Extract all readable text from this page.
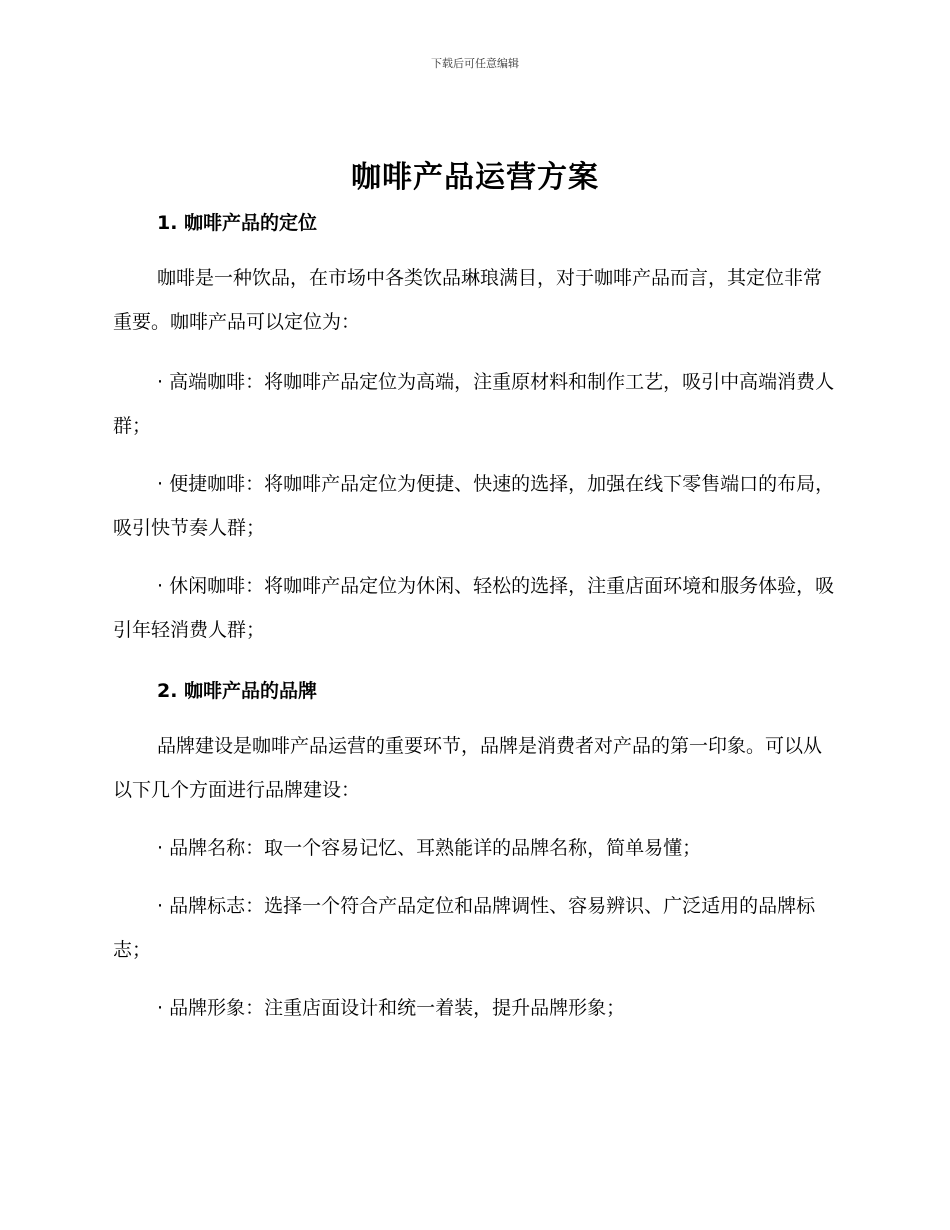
下载后可任意编辑
咖啡产品运营方案
1. 咖啡产品的定位

咖啡是一种饮品，在市场中各类饮品琳琅满目，对于咖啡产品而言，其定位非常重要。咖啡产品可以定位为：

· 高端咖啡：将咖啡产品定位为高端，注重原材料和制作工艺，吸引中高端消费人群；

· 便捷咖啡：将咖啡产品定位为便捷、快速的选择，加强在线下零售端口的布局，吸引快节奏人群；

· 休闲咖啡：将咖啡产品定位为休闲、轻松的选择，注重店面环境和服务体验，吸引年轻消费人群；

2. 咖啡产品的品牌

品牌建设是咖啡产品运营的重要环节，品牌是消费者对产品的第一印象。可以从以下几个方面进行品牌建设：

· 品牌名称：取一个容易记忆、耳熟能详的品牌名称，简单易懂；

· 品牌标志：选择一个符合产品定位和品牌调性、容易辨识、广泛适用的品牌标志；

· 品牌形象：注重店面设计和统一着装，提升品牌形象；
